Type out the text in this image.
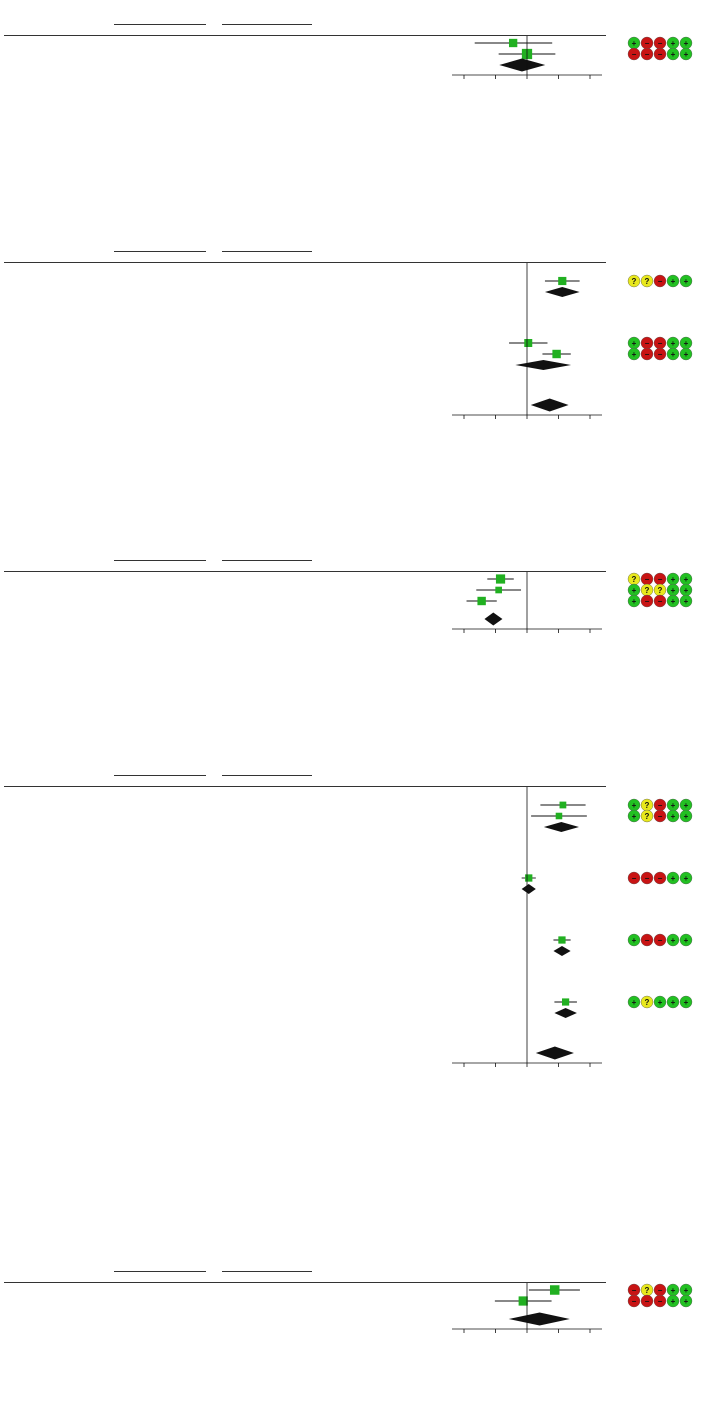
+ − − + +
− − − + +
? ? − + +
+ − − + +
+ − − + +
? − − + +
+ ? ? + +
+ − − + +
+ ? − + +
+ ? − + +
− − − + +
+ − − + +
+ ? + + +
− ? − + +
− − − + +
